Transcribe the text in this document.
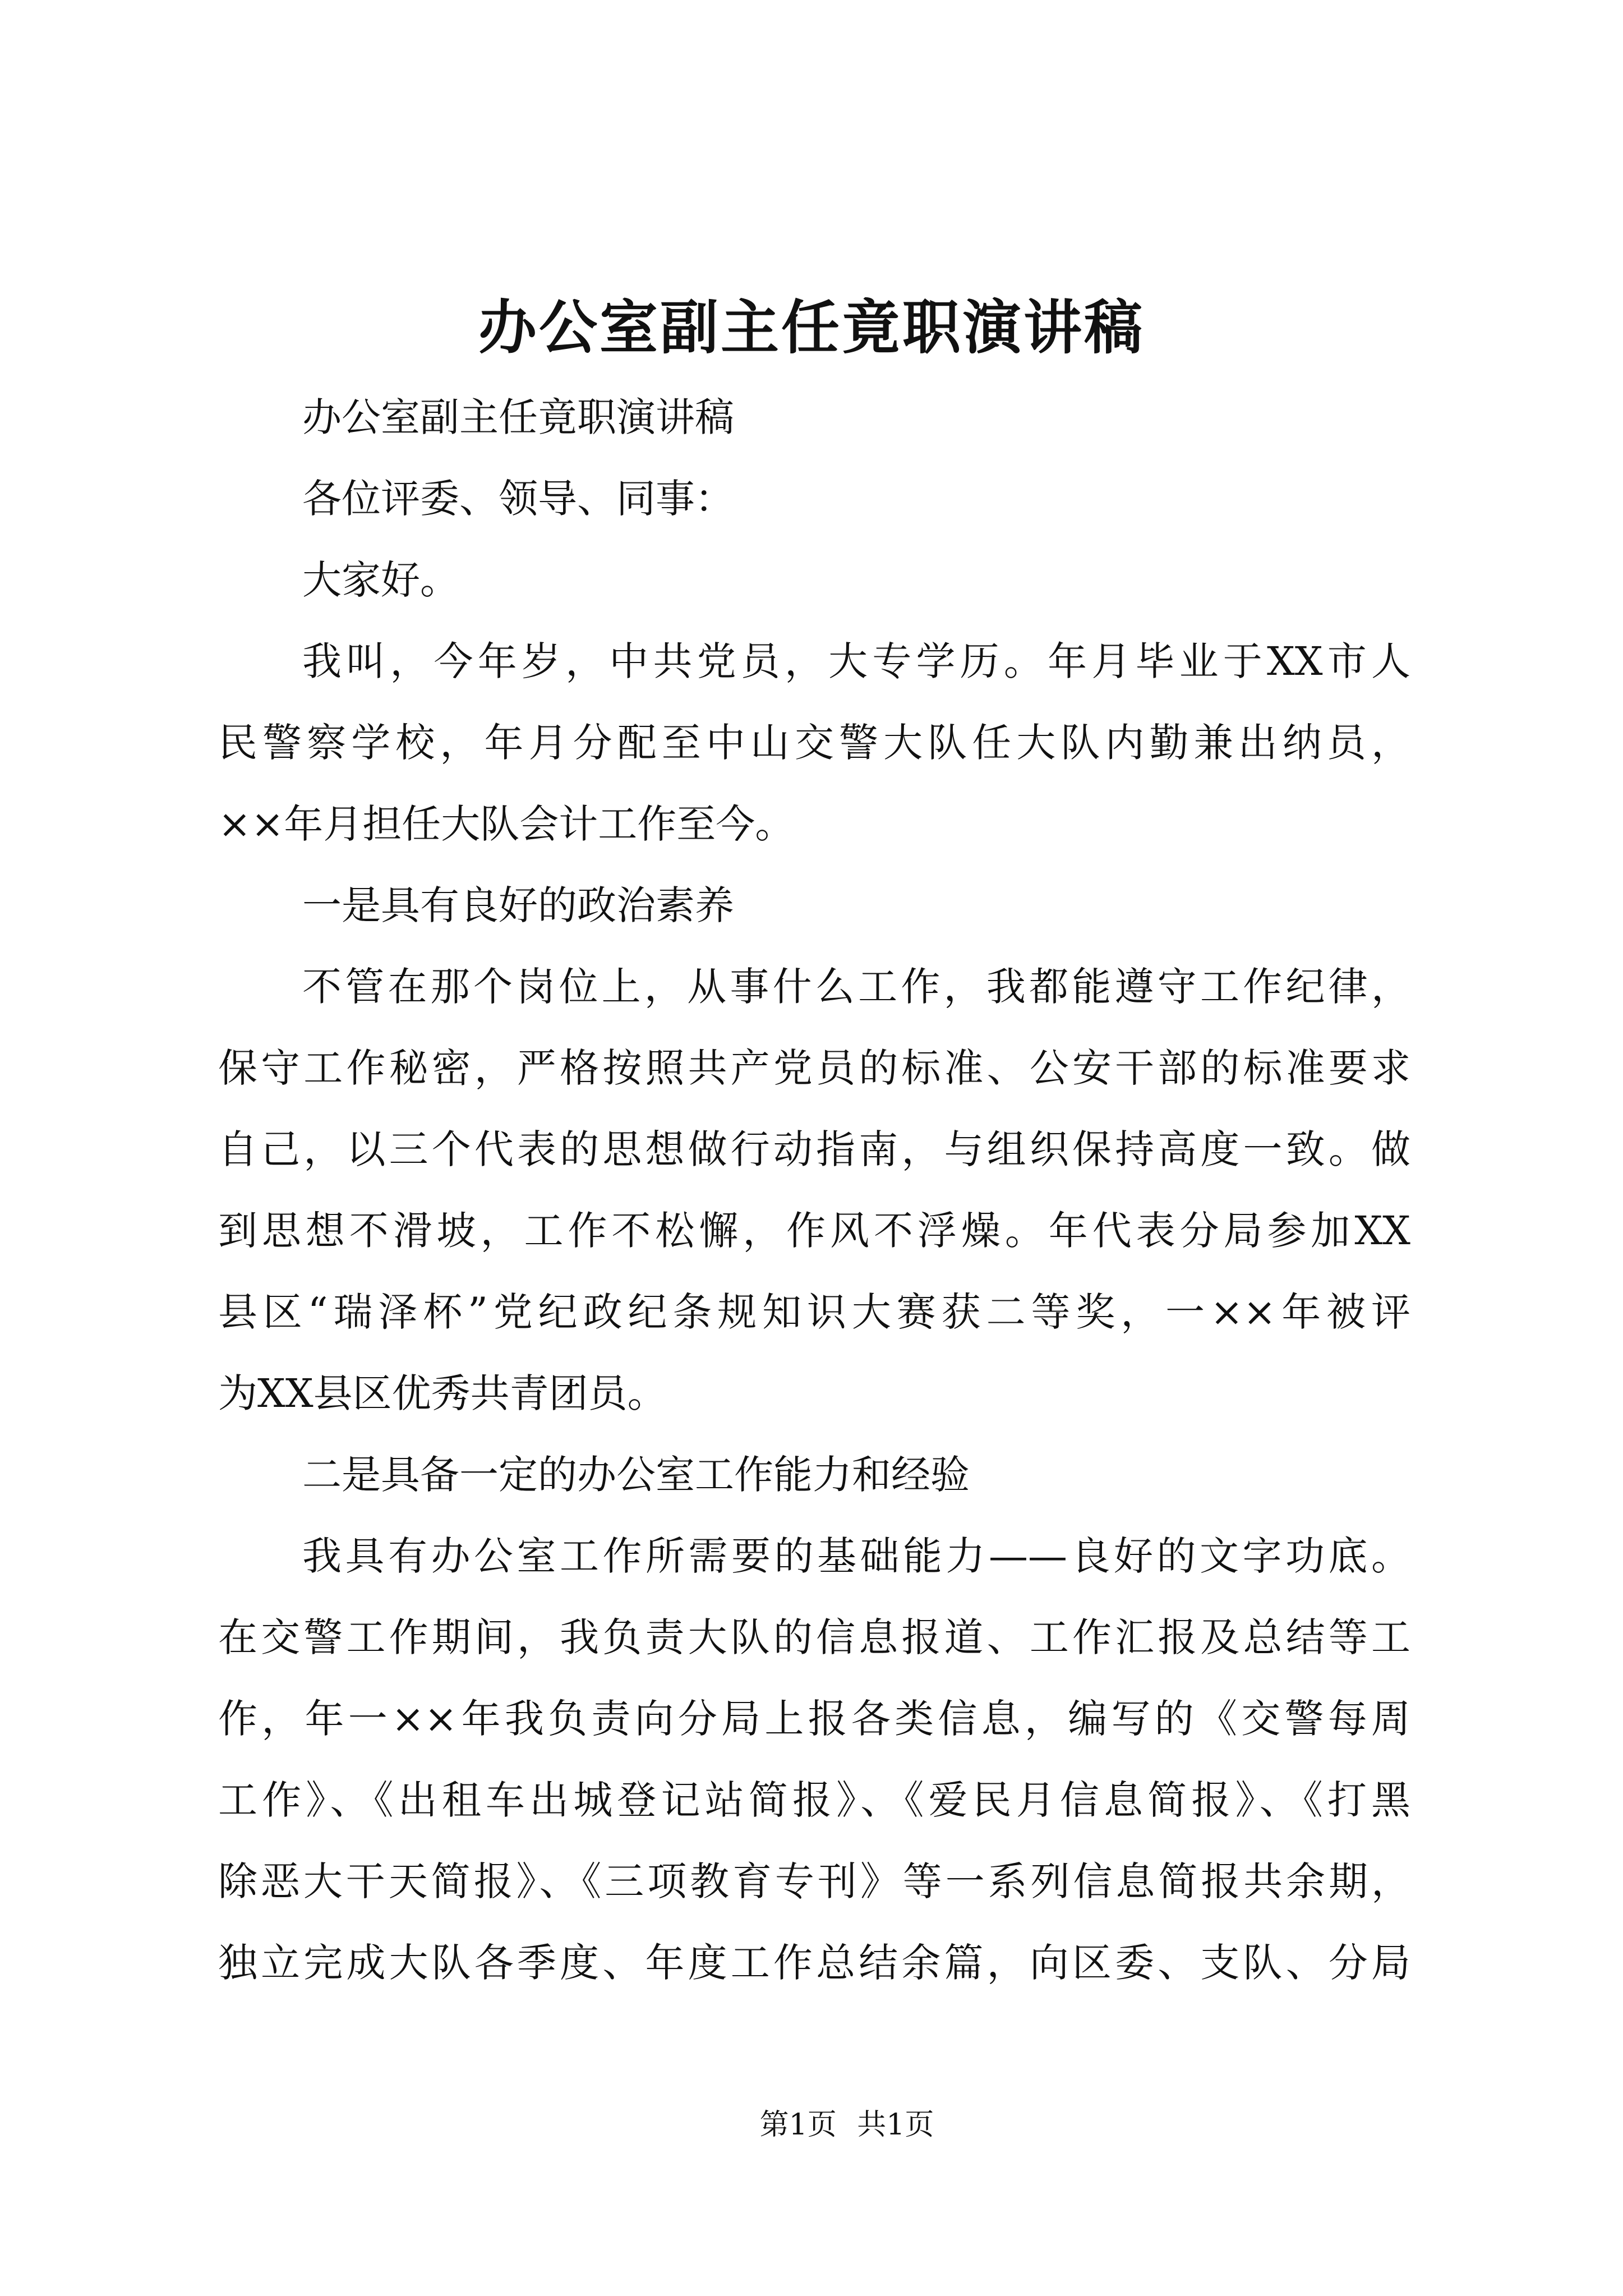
办公室副主任竟职演讲稿
办公室副主任竟职演讲稿
各位评委、领导、同事：
大家好。
我叫，今年岁，中共党员，大专学历。年月毕业于XX市人
民警察学校，年月分配至中山交警大队任大队内勤兼出纳员，
××年月担任大队会计工作至今。
一是具有良好的政治素养
不管在那个岗位上，从事什么工作，我都能遵守工作纪律，
保守工作秘密，严格按照共产党员的标准、公安干部的标准要求
自己，以三个代表的思想做行动指南，与组织保持高度一致。做
到思想不滑坡，工作不松懈，作风不浮燥。年代表分局参加XX
县区“瑞泽杯”党纪政纪条规知识大赛获二等奖，一××年被评
为XX县区优秀共青团员。
二是具备一定的办公室工作能力和经验
我具有办公室工作所需要的基础能力——良好的文字功底。
在交警工作期间，我负责大队的信息报道、工作汇报及总结等工
作，年一××年我负责向分局上报各类信息，编写的《交警每周
工作》、《出租车出城登记站简报》、《爱民月信息简报》、《打黑
除恶大干天简报》、《三项教育专刊》等一系列信息简报共余期，
独立完成大队各季度、年度工作总结余篇，向区委、支队、分局
第1页 共1页
